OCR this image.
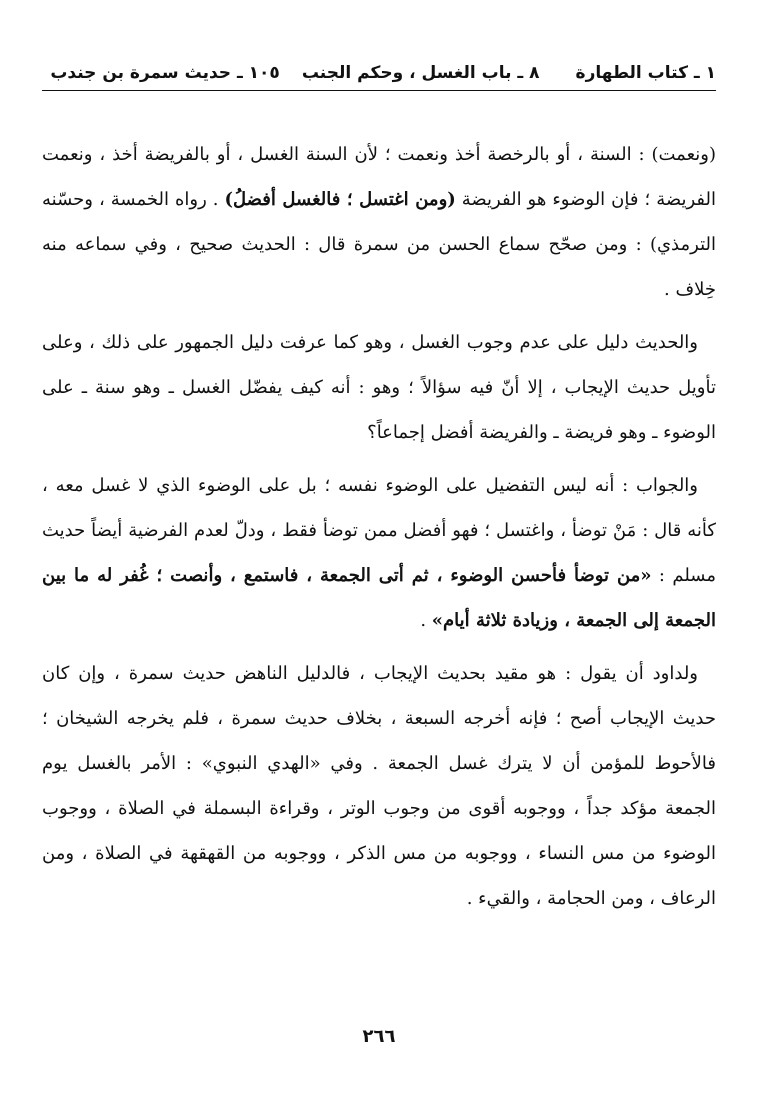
١ ـ كتاب الطهارة
٨ ـ باب الغسل ، وحكم الجنب
١٠٥ ـ حديث سمرة بن جندب

(ونعمت) : السنة ، أو بالرخصة أخذ ونعمت ؛ لأن السنة الغسل ، أو بالفريضة أخذ ، ونعمت الفريضة ؛ فإن الوضوء هو الفريضة (ومن اغتسل ؛ فالغسل أفضلُ) . رواه الخمسة ، وحسّنه الترمذي) : ومن صحّح سماع الحسن من سمرة قال : الحديث صحيح ، وفي سماعه منه خِلاف .

والحديث دليل على عدم وجوب الغسل ، وهو كما عرفت دليل الجمهور على ذلك ، وعلى تأويل حديث الإيجاب ، إلا أنّ فيه سؤالاً ؛ وهو : أنه كيف يفضّل الغسل ـ وهو سنة ـ على الوضوء ـ وهو فريضة ـ والفريضة أفضل إجماعاً؟

والجواب : أنه ليس التفضيل على الوضوء نفسه ؛ بل على الوضوء الذي لا غسل معه ، كأنه قال : مَنْ توضأ ، واغتسل ؛ فهو أفضل ممن توضأ فقط ، ودلّ لعدم الفرضية أيضاً حديث مسلم : «من توضأ فأحسن الوضوء ، ثم أتى الجمعة ، فاستمع ، وأنصت ؛ غُفر له ما بين الجمعة إلى الجمعة ، وزيادة ثلاثة أيام» .

ولداود أن يقول : هو مقيد بحديث الإيجاب ، فالدليل الناهض حديث سمرة ، وإن كان حديث الإيجاب أصح ؛ فإنه أخرجه السبعة ، بخلاف حديث سمرة ، فلم يخرجه الشيخان ؛ فالأحوط للمؤمن أن لا يترك غسل الجمعة . وفي «الهدي النبوي» : الأمر بالغسل يوم الجمعة مؤكد جداً ، ووجوبه أقوى من وجوب الوتر ، وقراءة البسملة في الصلاة ، ووجوب الوضوء من مس النساء ، ووجوبه من مس الذكر ، ووجوبه من القهقهة في الصلاة ، ومن الرعاف ، ومن الحجامة ، والقيء .

٢٦٦
